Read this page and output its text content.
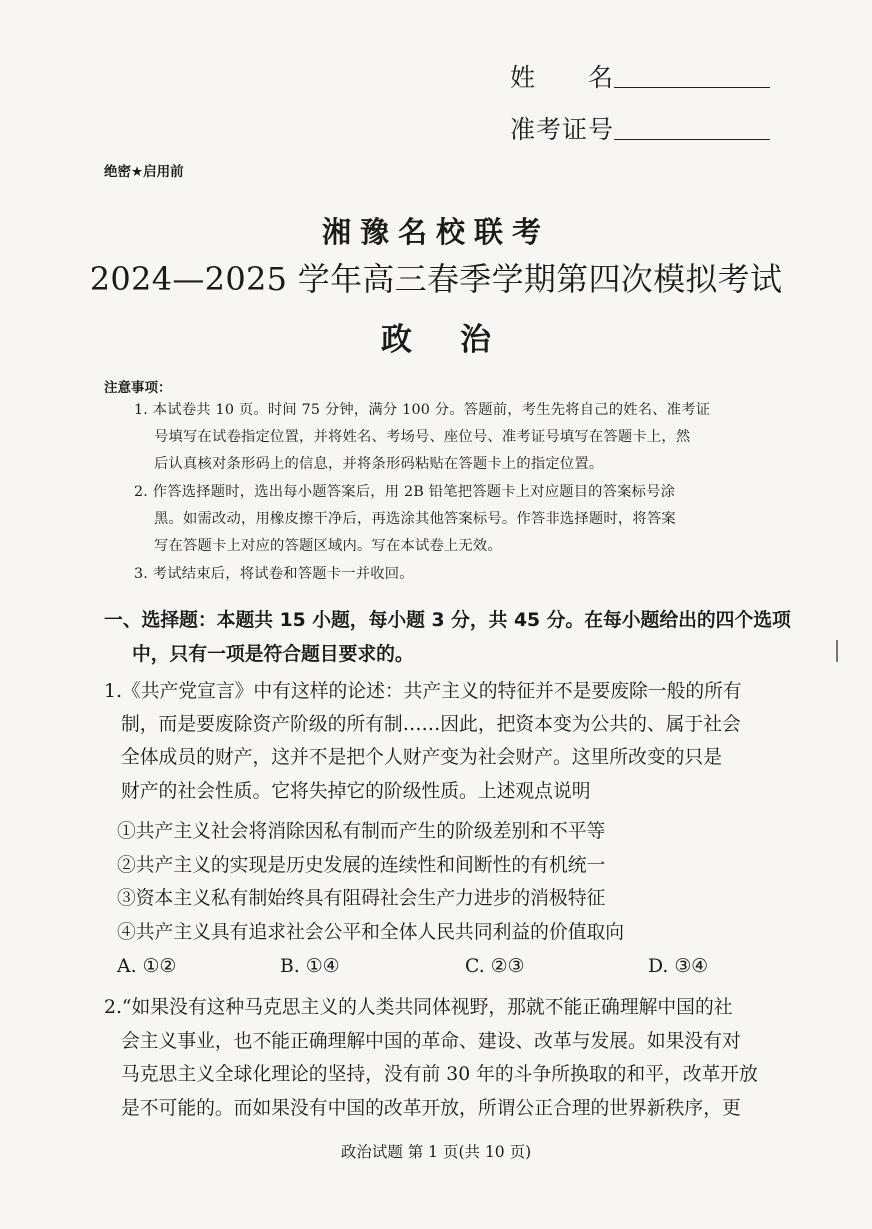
姓　　名
准考证号
绝密★启用前
湘豫名校联考
2024—2025 学年高三春季学期第四次模拟考试
政治
注意事项：
1. 本试卷共 10 页。时间 75 分钟，满分 100 分。答题前，考生先将自己的姓名、准考证
号填写在试卷指定位置，并将姓名、考场号、座位号、准考证号填写在答题卡上，然
后认真核对条形码上的信息，并将条形码粘贴在答题卡上的指定位置。
2. 作答选择题时，选出每小题答案后，用 2B 铅笔把答题卡上对应题目的答案标号涂
黑。如需改动，用橡皮擦干净后，再选涂其他答案标号。作答非选择题时，将答案
写在答题卡上对应的答题区域内。写在本试卷上无效。
3. 考试结束后，将试卷和答题卡一并收回。
一、选择题：本题共 15 小题，每小题 3 分，共 45 分。在每小题给出的四个选项
中，只有一项是符合题目要求的。
1.《共产党宣言》中有这样的论述：共产主义的特征并不是要废除一般的所有
制，而是要废除资产阶级的所有制……因此，把资本变为公共的、属于社会
全体成员的财产，这并不是把个人财产变为社会财产。这里所改变的只是
财产的社会性质。它将失掉它的阶级性质。上述观点说明
①共产主义社会将消除因私有制而产生的阶级差别和不平等
②共产主义的实现是历史发展的连续性和间断性的有机统一
③资本主义私有制始终具有阻碍社会生产力进步的消极特征
④共产主义具有追求社会公平和全体人民共同利益的价值取向
A. ①②	B. ①④	C. ②③	D. ③④
2.“如果没有这种马克思主义的人类共同体视野，那就不能正确理解中国的社
会主义事业，也不能正确理解中国的革命、建设、改革与发展。如果没有对
马克思主义全球化理论的坚持，没有前 30 年的斗争所换取的和平，改革开放
是不可能的。而如果没有中国的改革开放，所谓公正合理的世界新秩序，更
政治试题 第 1 页(共 10 页)
